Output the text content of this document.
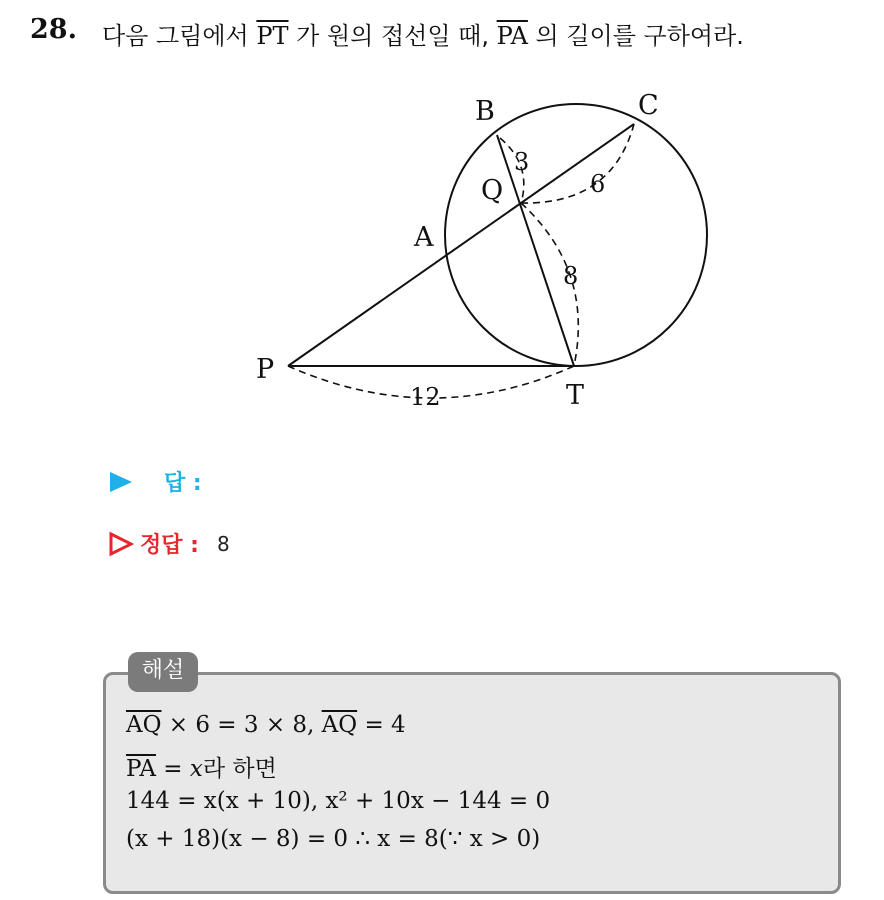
28. 다음 그림에서 $\overline{PT}$ 가 원의 접선일 때, $\overline{PA}$ 의 길이를 구하여라.
B	C
Q
A
P
T
3
6
8
12
답 :
정답 : 8
해설
$\overline{AQ} \times 6 = 3 \times 8$, $\overline{AQ} = 4$
$\overline{PA} = x$라 하면
144 = x(x + 10), x² + 10x − 144 = 0
(x + 18)(x − 8) = 0 ∴ x = 8(∵ x > 0)
